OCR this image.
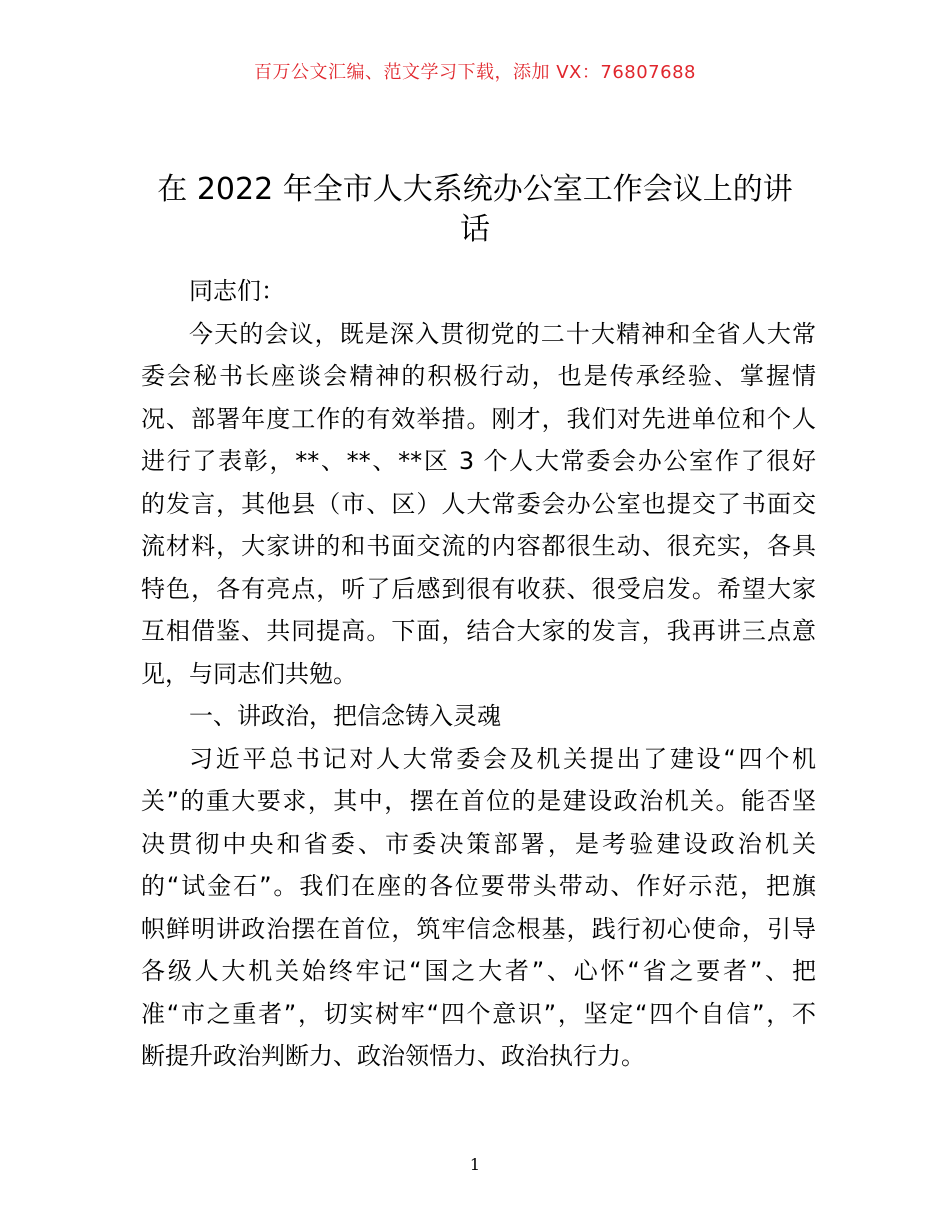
百万公文汇编、范文学习下载，添加 VX：76807688
在 2022 年全市人大系统办公室工作会议上的讲
话
同志们：
今天的会议，既是深入贯彻党的二十大精神和全省人大常
委会秘书长座谈会精神的积极行动，也是传承经验、掌握情
况、部署年度工作的有效举措。刚才，我们对先进单位和个人
进行了表彰，**、**、**区 3 个人大常委会办公室作了很好
的发言，其他县（市、区）人大常委会办公室也提交了书面交
流材料，大家讲的和书面交流的内容都很生动、很充实，各具
特色，各有亮点，听了后感到很有收获、很受启发。希望大家
互相借鉴、共同提高。下面，结合大家的发言，我再讲三点意
见，与同志们共勉。
一、讲政治，把信念铸入灵魂
习近平总书记对人大常委会及机关提出了建设“四个机
关”的重大要求，其中，摆在首位的是建设政治机关。能否坚
决贯彻中央和省委、市委决策部署，是考验建设政治机关
的“试金石”。我们在座的各位要带头带动、作好示范，把旗
帜鲜明讲政治摆在首位，筑牢信念根基，践行初心使命，引导
各级人大机关始终牢记“国之大者”、心怀“省之要者”、把
准“市之重者”，切实树牢“四个意识”，坚定“四个自信”，不
断提升政治判断力、政治领悟力、政治执行力。
1
